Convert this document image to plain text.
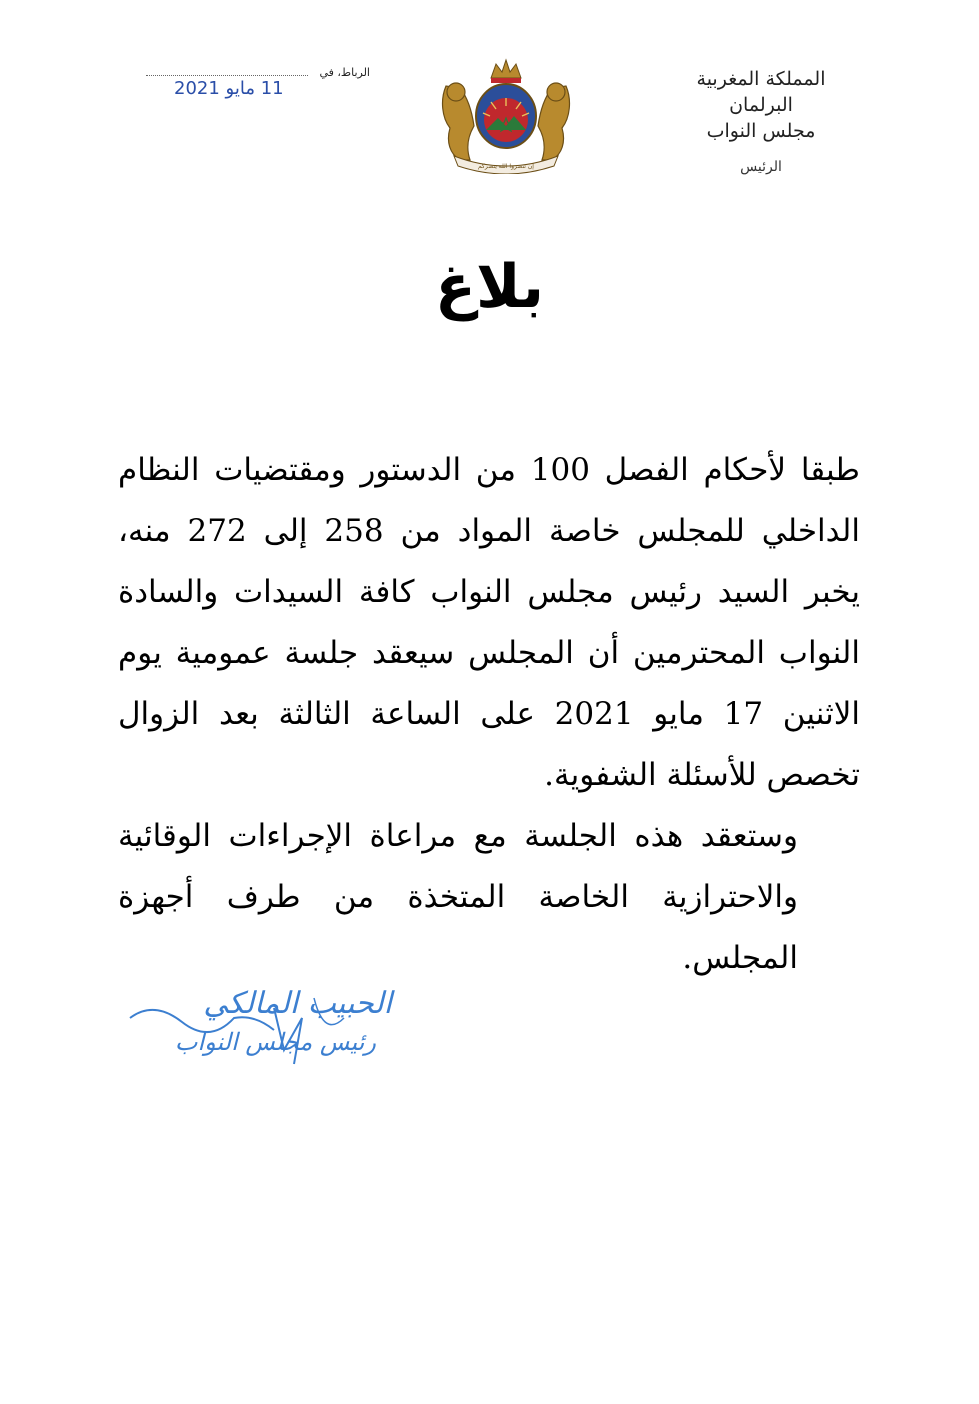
المملكة المغربية
البرلمان
مجلس النواب
الرئيس
إن تنصروا الله ينصركم
الرباط، في
11 مايو 2021
بلاغ

طبقا لأحكام الفصل 100 من الدستور ومقتضيات النظام الداخلي للمجلس خاصة المواد من 258 إلى 272 منه، يخبر السيد رئيس مجلس النواب كافة السيدات والسادة النواب المحترمين أن المجلس سيعقد جلسة عمومية يوم الاثنين 17 مايو 2021 على الساعة الثالثة بعد الزوال تخصص للأسئلة الشفوية.

وستعقد هذه الجلسة مع مراعاة الإجراءات الوقائية والاحترازية الخاصة المتخذة من طرف أجهزة المجلس.

الحبيب المالكي
رئيس مجلس النواب
